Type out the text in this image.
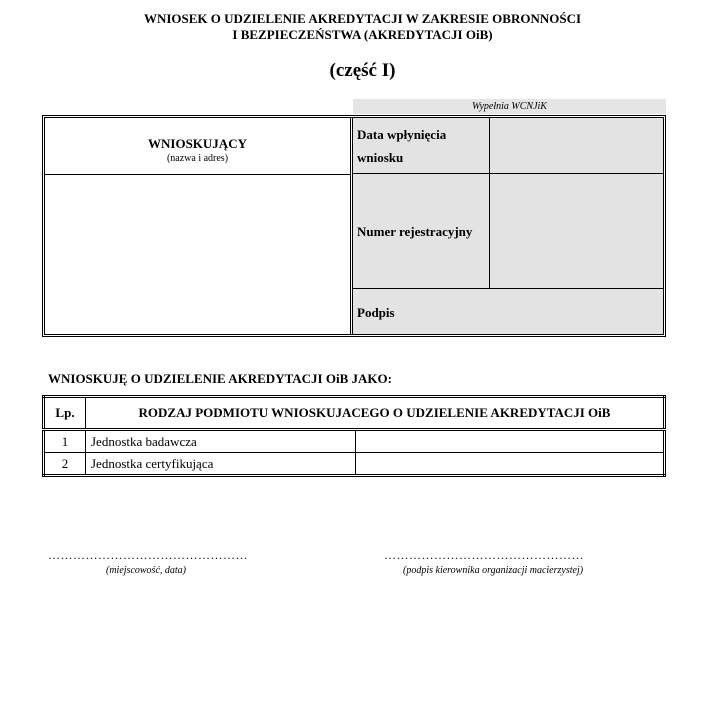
WNIOSEK O UDZIELENIE AKREDYTACJI W ZAKRESIE OBRONNOŚCI
I BEZPIECZEŃSTWA (AKREDYTACJI OiB)
(część I)
Wypełnia WCNJiK
WNIOSKUJĄCY
(nazwa i adres)
Data wpłynięcia
wniosku
Numer rejestracyjny
Podpis
WNIOSKUJĘ O UDZIELENIE AKREDYTACJI OiB JAKO:
Lp.	RODZAJ PODMIOTU WNIOSKUJACEGO O UDZIELENIE AKREDYTACJI OiB	
1	Jednostka badawcza	
2	Jednostka certyfikująca	
…………………………………………
(miejscowość, data)
…………………………………………
(podpis kierownika organizacji macierzystej)
